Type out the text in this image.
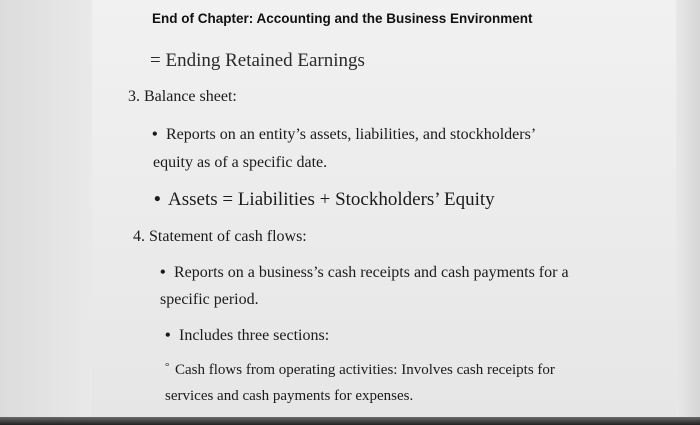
End of Chapter: Accounting and the Business Environment
= Ending Retained Earnings
3. Balance sheet:
• Reports on an entity’s assets, liabilities, and stockholders’
equity as of a specific date.
• Assets = Liabilities + Stockholders’ Equity
4. Statement of cash flows:
• Reports on a business’s cash receipts and cash payments for a
specific period.
• Includes three sections:
° Cash flows from operating activities: Involves cash receipts for
services and cash payments for expenses.
